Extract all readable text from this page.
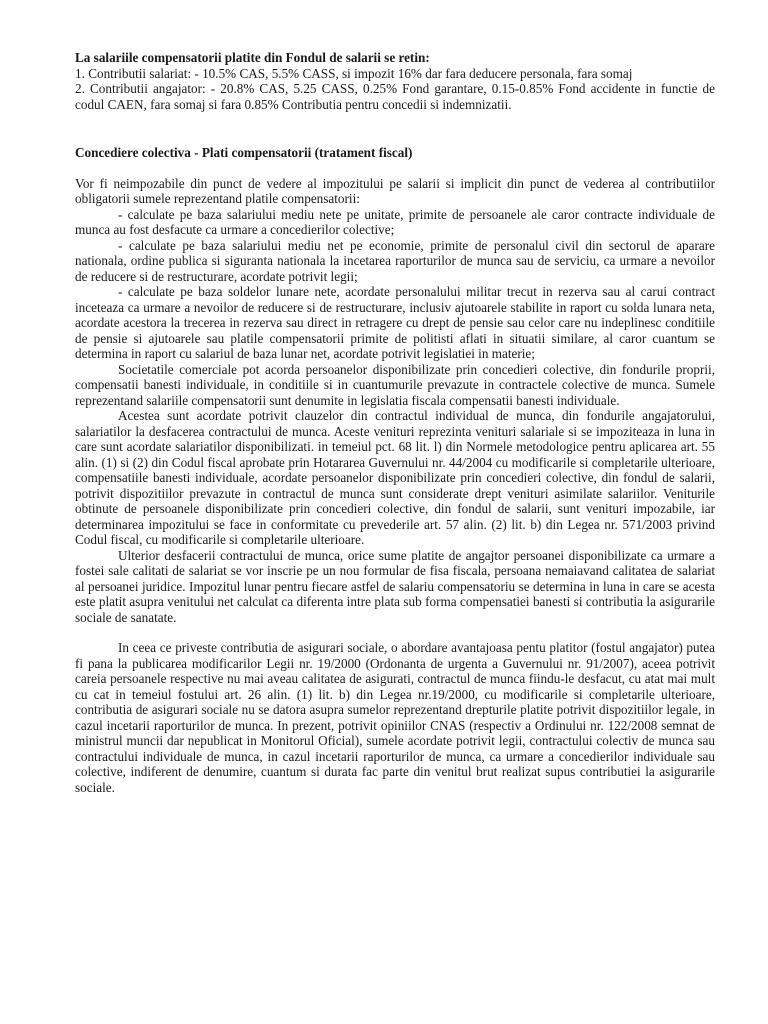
La salariile compensatorii platite din Fondul de salarii se retin:

1. Contributii salariat: - 10.5% CAS, 5.5% CASS, si impozit 16% dar fara deducere personala, fara somaj

2. Contributii angajator: - 20.8% CAS, 5.25 CASS, 0.25% Fond garantare, 0.15-0.85% Fond accidente in functie de codul CAEN, fara somaj si fara 0.85% Contributia pentru concedii si indemnizatii.

Concediere colectiva - Plati compensatorii (tratament fiscal)

Vor fi neimpozabile din punct de vedere al impozitului pe salarii si implicit din punct de vederea al contributiilor obligatorii sumele reprezentand platile compensatorii:

- calculate pe baza salariului mediu nete pe unitate, primite de persoanele ale caror contracte individuale de munca au fost desfacute ca urmare a concedierilor colective;

- calculate pe baza salariului mediu net pe economie, primite de personalul civil din sectorul de aparare nationala, ordine publica si siguranta nationala la incetarea raporturilor de munca sau de serviciu, ca urmare a nevoilor de reducere si de restructurare, acordate potrivit legii;

- calculate pe baza soldelor lunare nete, acordate personalului militar trecut in rezerva sau al carui contract inceteaza ca urmare a nevoilor de reducere si de restructurare, inclusiv ajutoarele stabilite in raport cu solda lunara neta, acordate acestora la trecerea in rezerva sau direct in retragere cu drept de pensie sau celor care nu indeplinesc conditiile de pensie si ajutoarele sau platile compensatorii primite de politisti aflati in situatii similare, al caror cuantum se determina in raport cu salariul de baza lunar net, acordate potrivit legislatiei in materie;

Societatile comerciale pot acorda persoanelor disponibilizate prin concedieri colective, din fondurile proprii, compensatii banesti individuale, in conditiile si in cuantumurile prevazute in contractele colective de munca. Sumele reprezentand salariile compensatorii sunt denumite in legislatia fiscala compensatii banesti individuale.

Acestea sunt acordate potrivit clauzelor din contractul individual de munca, din fondurile angajatorului, salariatilor la desfacerea contractului de munca. Aceste venituri reprezinta venituri salariale si se impoziteaza in luna in care sunt acordate salariatilor disponibilizati. in temeiul pct. 68 lit. l) din Normele metodologice pentru aplicarea art. 55 alin. (1) si (2) din Codul fiscal aprobate prin Hotararea Guvernului nr. 44/2004 cu modificarile si completarile ulterioare, compensatiile banesti individuale, acordate persoanelor disponibilizate prin concedieri colective, din fondul de salarii, potrivit dispozitiilor prevazute in contractul de munca sunt considerate drept venituri asimilate salariilor. Veniturile obtinute de persoanele disponibilizate prin concedieri colective, din fondul de salarii, sunt venituri impozabile, iar determinarea impozitului se face in conformitate cu prevederile art. 57 alin. (2) lit. b) din Legea nr. 571/2003 privind Codul fiscal, cu modificarile si completarile ulterioare.

Ulterior desfacerii contractului de munca, orice sume platite de angajtor persoanei disponibilizate ca urmare a fostei sale calitati de salariat se vor inscrie pe un nou formular de fisa fiscala, persoana nemaiavand calitatea de salariat al persoanei juridice. Impozitul lunar pentru fiecare astfel de salariu compensatoriu se determina in luna in care se acesta este platit asupra venitului net calculat ca diferenta intre plata sub forma compensatiei banesti si contributia la asigurarile sociale de sanatate.

In ceea ce priveste contributia de asigurari sociale, o abordare avantajoasa pentu platitor (fostul angajator) putea fi pana la publicarea modificarilor Legii nr. 19/2000 (Ordonanta de urgenta a Guvernului nr. 91/2007), aceea potrivit careia persoanele respective nu mai aveau calitatea de asigurati, contractul de munca fiindu-le desfacut, cu atat mai mult cu cat in temeiul fostului art. 26 alin. (1) lit. b) din Legea nr.19/2000, cu modificarile si completarile ulterioare, contributia de asigurari sociale nu se datora asupra sumelor reprezentand drepturile platite potrivit dispozitiilor legale, in cazul incetarii raporturilor de munca. In prezent, potrivit opiniilor CNAS (respectiv a Ordinului nr. 122/2008 semnat de ministrul muncii dar nepublicat in Monitorul Oficial), sumele acordate potrivit legii, contractului colectiv de munca sau contractului individuale de munca, in cazul incetarii raporturilor de munca, ca urmare a concedierilor individuale sau colective, indiferent de denumire, cuantum si durata fac parte din venitul brut realizat supus contributiei la asigurarile sociale.
